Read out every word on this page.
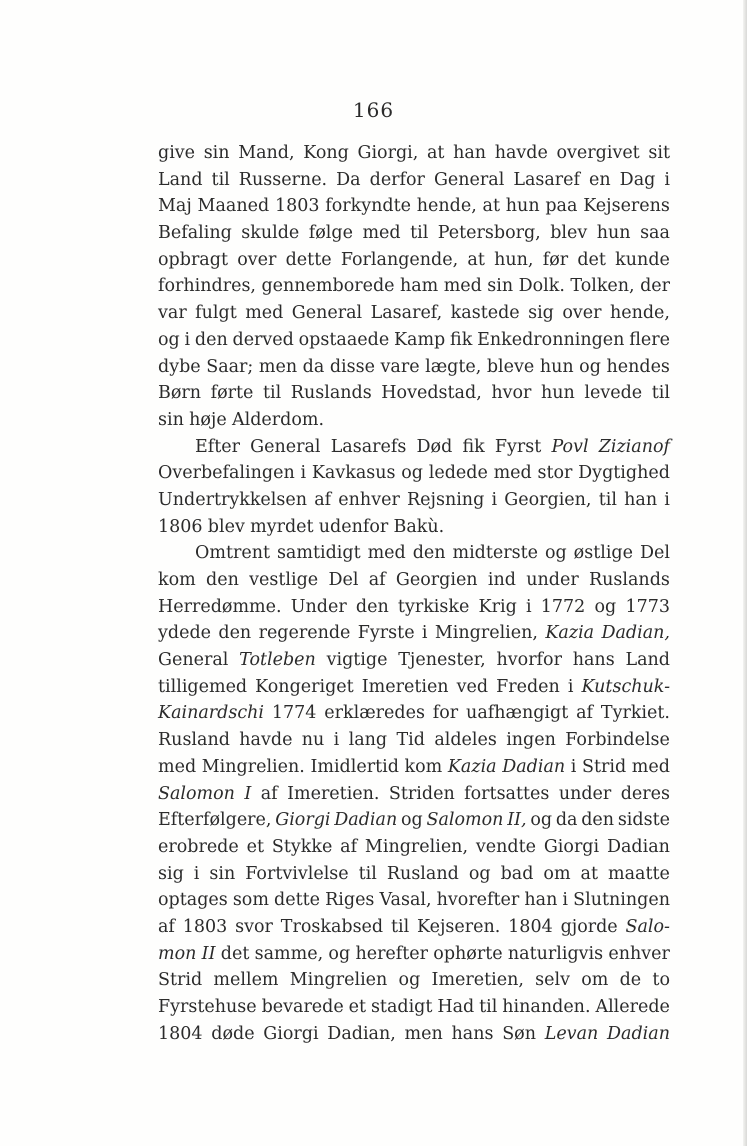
166
give sin Mand, Kong Giorgi, at han havde overgivet sit
Land til Russerne. Da derfor General Lasaref en Dag i
Maj Maaned 1803 forkyndte hende, at hun paa Kejserens
Befaling skulde følge med til Petersborg, blev hun saa
opbragt over dette Forlangende, at hun, før det kunde
forhindres, gennemborede ham med sin Dolk. Tolken, der
var fulgt med General Lasaref, kastede sig over hende,
og i den derved opstaaede Kamp fik Enkedronningen flere
dybe Saar; men da disse vare lægte, bleve hun og hendes
Børn førte til Ruslands Hovedstad, hvor hun levede til
sin høje Alderdom.
Efter General Lasarefs Død fik Fyrst Povl Zizianof
Overbefalingen i Kavkasus og ledede med stor Dygtighed
Undertrykkelsen af enhver Rejsning i Georgien, til han i
1806 blev myrdet udenfor Bakù.
Omtrent samtidigt med den midterste og østlige Del
kom den vestlige Del af Georgien ind under Ruslands
Herredømme. Under den tyrkiske Krig i 1772 og 1773
ydede den regerende Fyrste i Mingrelien, Kazia Dadian,
General Totleben vigtige Tjenester, hvorfor hans Land
tilligemed Kongeriget Imeretien ved Freden i Kutschuk-
Kainardschi 1774 erklæredes for uafhængigt af Tyrkiet.
Rusland havde nu i lang Tid aldeles ingen Forbindelse
med Mingrelien. Imidlertid kom Kazia Dadian i Strid med
Salomon I af Imeretien. Striden fortsattes under deres
Efterfølgere, Giorgi Dadian og Salomon II, og da den sidste
erobrede et Stykke af Mingrelien, vendte Giorgi Dadian
sig i sin Fortvivlelse til Rusland og bad om at maatte
optages som dette Riges Vasal, hvorefter han i Slutningen
af 1803 svor Troskabsed til Kejseren. 1804 gjorde Salo-
mon II det samme, og herefter ophørte naturligvis enhver
Strid mellem Mingrelien og Imeretien, selv om de to
Fyrstehuse bevarede et stadigt Had til hinanden. Allerede
1804 døde Giorgi Dadian, men hans Søn Levan Dadian
